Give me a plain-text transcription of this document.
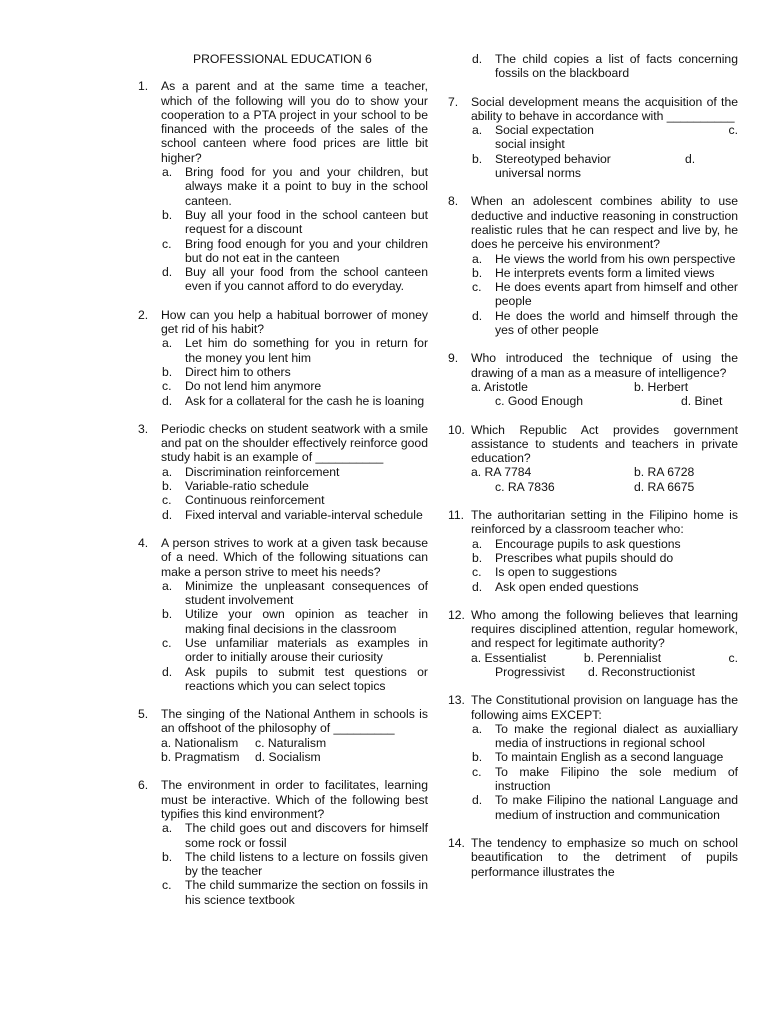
PROFESSIONAL EDUCATION 6
1. As a parent and at the same time a teacher, which of the following will you do to show your cooperation to a PTA project in your school to be financed with the proceeds of the sales of the school canteen where food prices are little bit higher?
a. Bring food for you and your children, but always make it a point to buy in the school canteen.
b. Buy all your food in the school canteen but request for a discount
c. Bring food enough for you and your children but do not eat in the canteen
d. Buy all your food from the school canteen even if you cannot afford to do everyday.
2. How can you help a habitual borrower of money get rid of his habit?
a. Let him do something for you in return for the money you lent him
b. Direct him to others
c. Do not lend him anymore
d. Ask for a collateral for the cash he is loaning
3. Periodic checks on student seatwork with a smile and pat on the shoulder effectively reinforce good study habit is an example of __________
a. Discrimination reinforcement
b. Variable-ratio schedule
c. Continuous reinforcement
d. Fixed interval and variable-interval schedule
4. A person strives to work at a given task because of a need. Which of the following situations can make a person strive to meet his needs?
a. Minimize the unpleasant consequences of student involvement
b. Utilize your own opinion as teacher in making final decisions in the classroom
c. Use unfamiliar materials as examples in order to initially arouse their curiosity
d. Ask pupils to submit test questions or reactions which you can select topics
5. The singing of the National Anthem in schools is an offshoot of the philosophy of _________
a. Nationalism	c. Naturalism
b. Pragmatism	d. Socialism
6. The environment in order to facilitates, learning must be interactive. Which of the following best typifies this kind environment?
a. The child goes out and discovers for himself some rock or fossil
b. The child listens to a lecture on fossils given by the teacher
c. The child summarize the section on fossils in his science textbook
d. The child copies a list of facts concerning fossils on the blackboard
7. Social development means the acquisition of the ability to behave in accordance with __________
a. Social expectation	c.
social insight
b. Stereotyped behavior	d.
universal norms
8. When an adolescent combines ability to use deductive and inductive reasoning in construction realistic rules that he can respect and live by, he does he perceive his environment?
a. He views the world from his own perspective
b. He interprets events form a limited views
c. He does events apart from himself and other people
d. He does the world and himself through the yes of other people
9. Who introduced the technique of using the drawing of a man as a measure of intelligence?
a. Aristotle	b. Herbert
c. Good Enough	d. Binet
10. Which Republic Act provides government assistance to students and teachers in private education?
a. RA 7784	b. RA 6728
c. RA 7836	d. RA 6675
11. The authoritarian setting in the Filipino home is reinforced by a classroom teacher who:
a. Encourage pupils to ask questions
b. Prescribes what pupils should do
c. Is open to suggestions
d. Ask open ended questions
12. Who among the following believes that learning requires disciplined attention, regular homework, and respect for legitimate authority?
a. Essentialist	b. Perennialist	c.
Progressivist	d. Reconstructionist
13. The Constitutional provision on language has the following aims EXCEPT:
a. To make the regional dialect as auxialliary media of instructions in regional school
b. To maintain English as a second language
c. To make Filipino the sole medium of instruction
d. To make Filipino the national Language and medium of instruction and communication
14. The tendency to emphasize so much on school beautification to the detriment of pupils performance illustrates the
